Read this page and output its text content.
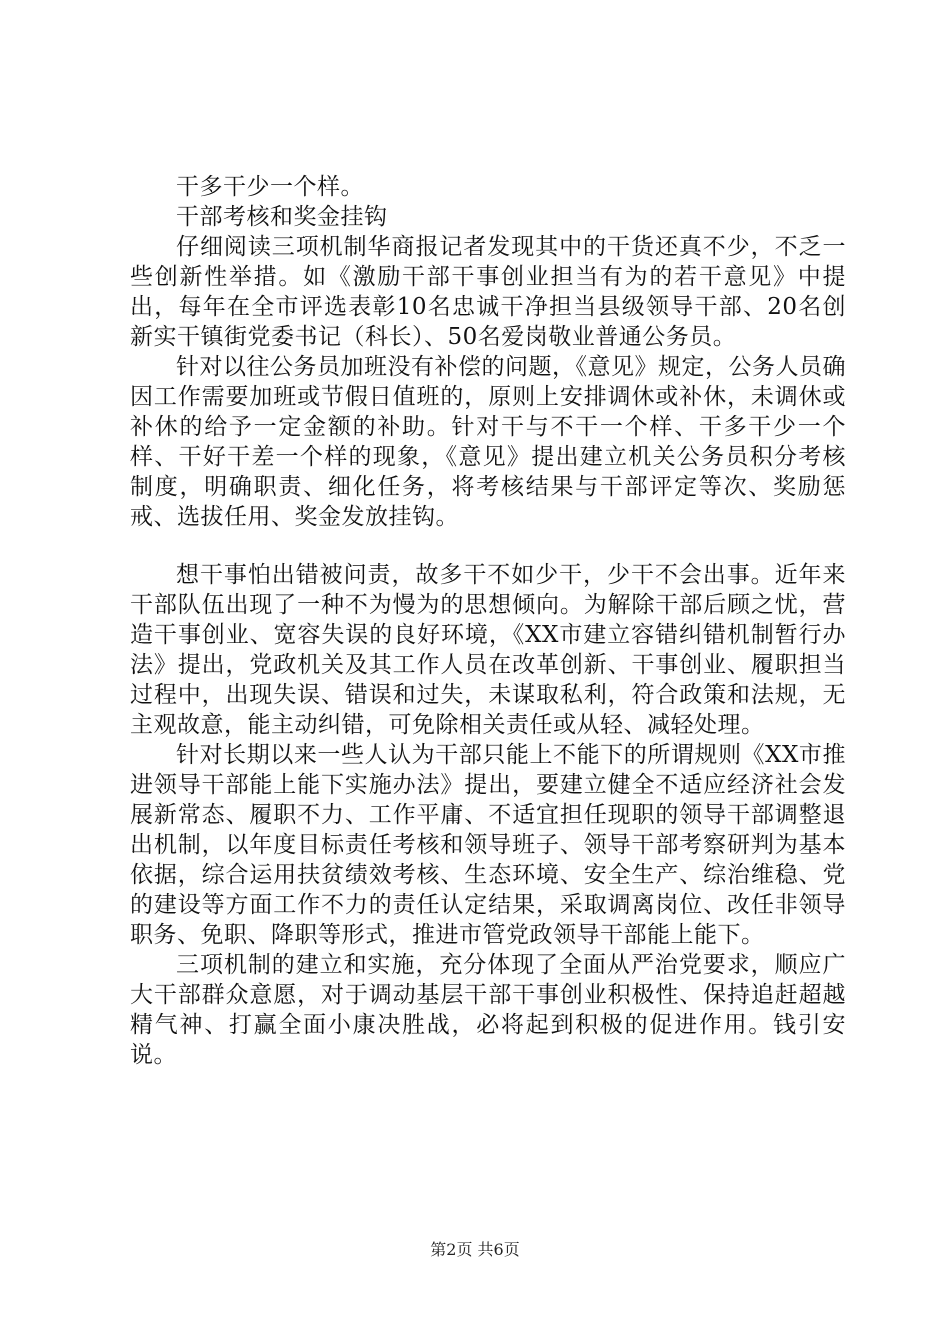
干多干少一个样。

干部考核和奖金挂钩

仔细阅读三项机制华商报记者发现其中的干货还真不少，不乏一些创新性举措。如《激励干部干事创业担当有为的若干意见》中提出，每年在全市评选表彰10名忠诚干净担当县级领导干部、20名创新实干镇街党委书记（科长）、50名爱岗敬业普通公务员。

针对以往公务员加班没有补偿的问题，《意见》规定，公务人员确因工作需要加班或节假日值班的，原则上安排调休或补休，未调休或补休的给予一定金额的补助。针对干与不干一个样、干多干少一个样、干好干差一个样的现象，《意见》提出建立机关公务员积分考核制度，明确职责、细化任务，将考核结果与干部评定等次、奖励惩戒、选拔任用、奖金发放挂钩。

想干事怕出错被问责，故多干不如少干，少干不会出事。近年来干部队伍出现了一种不为慢为的思想倾向。为解除干部后顾之忧，营造干事创业、宽容失误的良好环境，《XX市建立容错纠错机制暂行办法》提出，党政机关及其工作人员在改革创新、干事创业、履职担当过程中，出现失误、错误和过失，未谋取私利，符合政策和法规，无主观故意，能主动纠错，可免除相关责任或从轻、减轻处理。

针对长期以来一些人认为干部只能上不能下的所谓规则《XX市推进领导干部能上能下实施办法》提出，要建立健全不适应经济社会发展新常态、履职不力、工作平庸、不适宜担任现职的领导干部调整退出机制，以年度目标责任考核和领导班子、领导干部考察研判为基本依据，综合运用扶贫绩效考核、生态环境、安全生产、综治维稳、党的建设等方面工作不力的责任认定结果，采取调离岗位、改任非领导职务、免职、降职等形式，推进市管党政领导干部能上能下。

三项机制的建立和实施，充分体现了全面从严治党要求，顺应广大干部群众意愿，对于调动基层干部干事创业积极性、保持追赶超越精气神、打赢全面小康决胜战，必将起到积极的促进作用。钱引安说。

第2页 共6页
